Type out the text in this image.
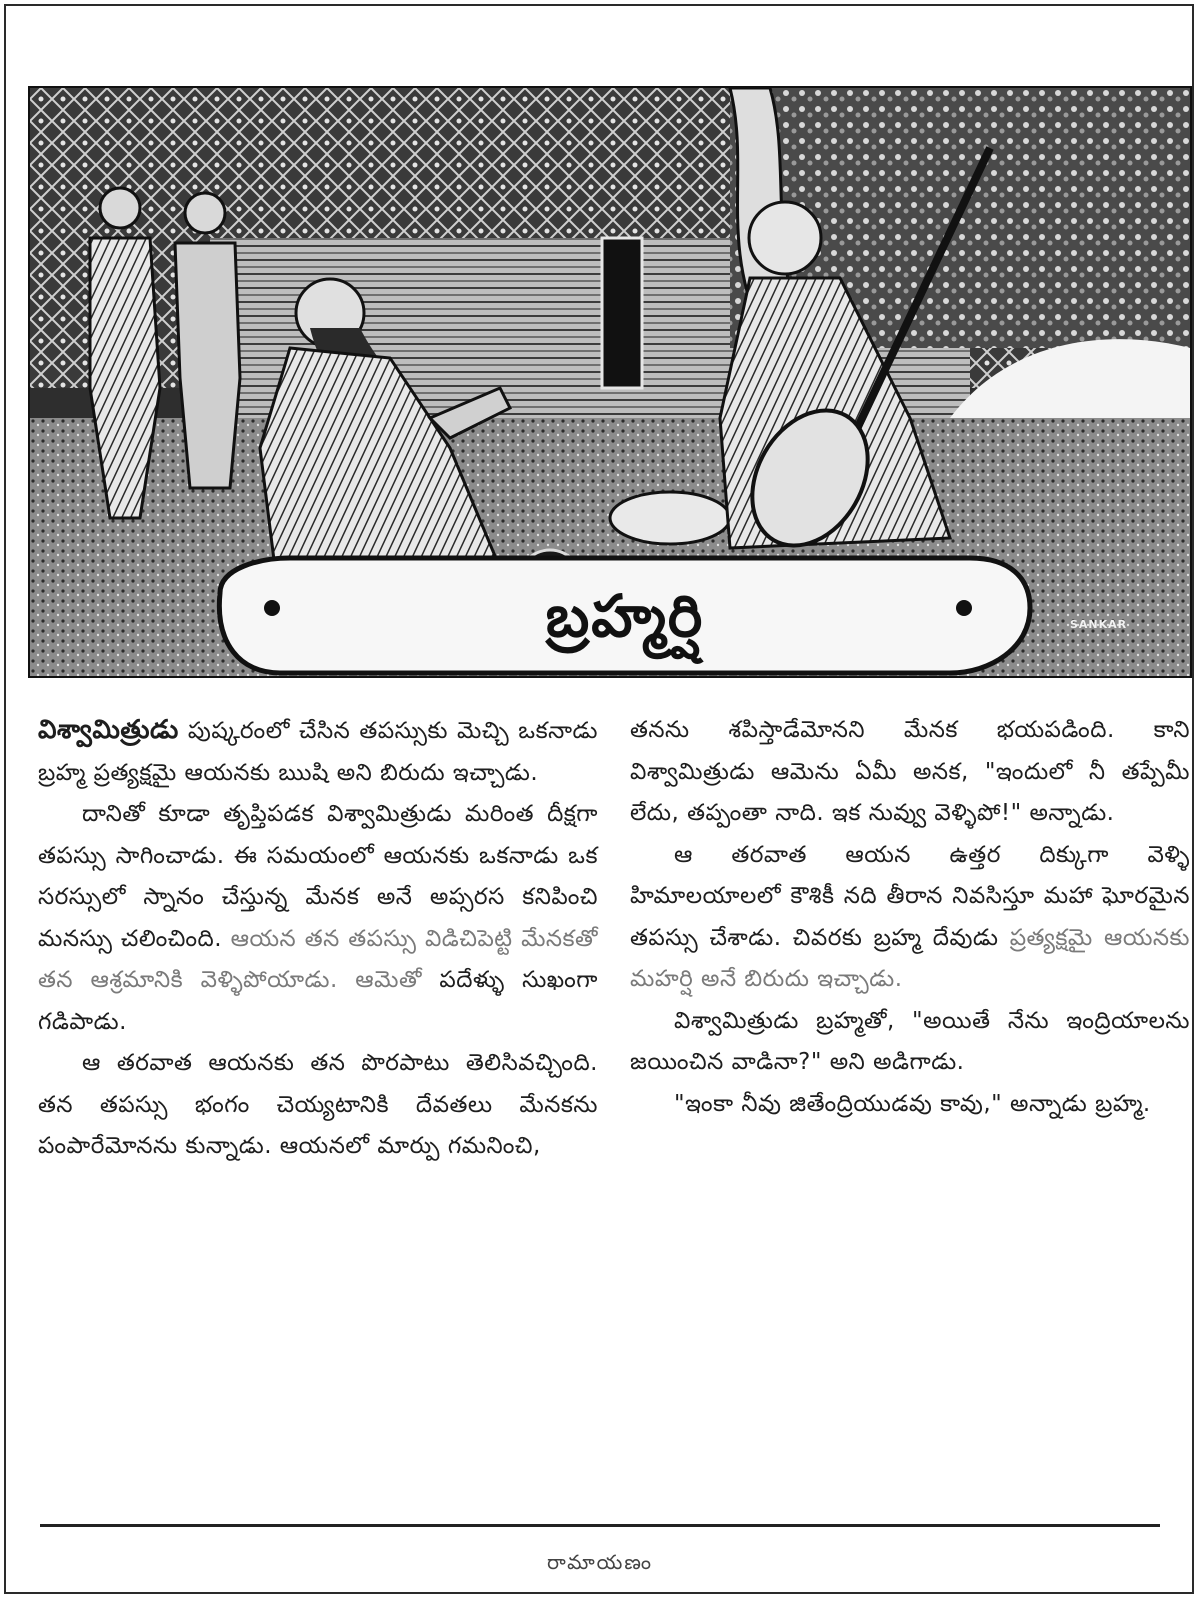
బ్రహ్మర్షి	SANKAR

విశ్వామిత్రుడు పుష్కరంలో చేసిన తపస్సుకు మెచ్చి ఒకనాడు బ్రహ్మ ప్రత్యక్షమై ఆయనకు ఋషి అని బిరుదు ఇచ్చాడు.

దానితో కూడా తృప్తిపడక విశ్వామిత్రుడు మరింత దీక్షగా తపస్సు సాగించాడు. ఈ సమయంలో ఆయనకు ఒకనాడు ఒక సరస్సులో స్నానం చేస్తున్న మేనక అనే అప్సరస కనిపించి మనస్సు చలించింది. ఆయన తన తపస్సు విడిచిపెట్టి మేనకతో తన ఆశ్రమానికి వెళ్ళిపోయాడు. ఆమెతో పదేళ్ళు సుఖంగా గడిపాడు.

ఆ తరవాత ఆయనకు తన పొరపాటు తెలిసివచ్చింది. తన తపస్సు భంగం చెయ్యటానికి దేవతలు మేనకను పంపారేమోనను కున్నాడు. ఆయనలో మార్పు గమనించి,

తనను శపిస్తాడేమోనని మేనక భయపడింది. కాని విశ్వామిత్రుడు ఆమెను ఏమీ అనక, "ఇందులో నీ తప్పేమీ లేదు, తప్పంతా నాది. ఇక నువ్వు వెళ్ళిపో!" అన్నాడు.

ఆ తరవాత ఆయన ఉత్తర దిక్కుగా వెళ్ళి హిమాలయాలలో కౌశికీ నది తీరాన నివసిస్తూ మహా ఘోరమైన తపస్సు చేశాడు. చివరకు బ్రహ్మ దేవుడు ప్రత్యక్షమై ఆయనకు మహర్షి అనే బిరుదు ఇచ్చాడు.

విశ్వామిత్రుడు బ్రహ్మతో, "అయితే నేను ఇంద్రియాలను జయించిన వాడినా?" అని అడిగాడు.

"ఇంకా నీవు జితేంద్రియుడవు కావు," అన్నాడు బ్రహ్మ.

రామాయణం
